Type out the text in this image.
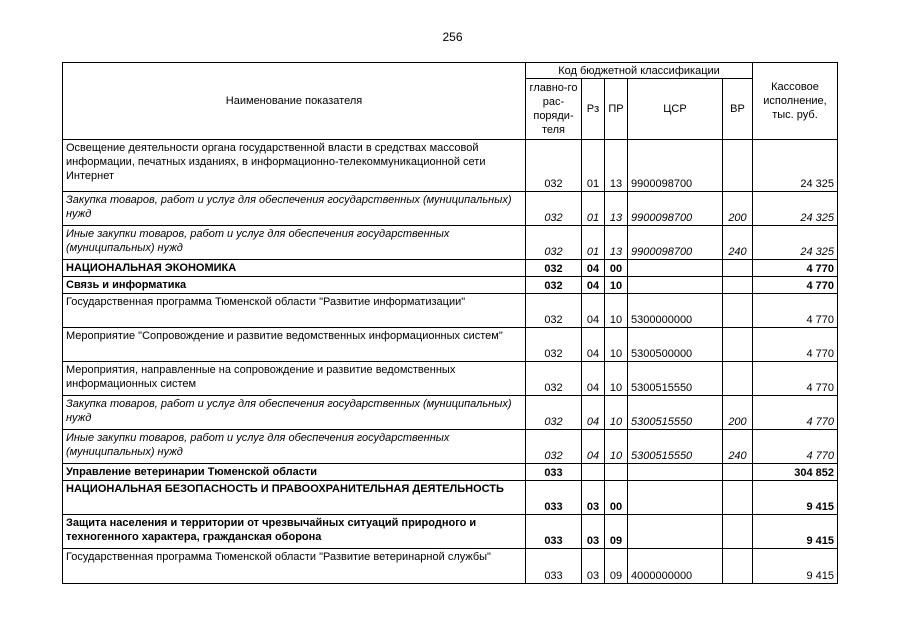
256
Наименование показателя	Код бюджетной классификации					Кассовое исполнение, тыс. руб.
	главно-го рас-поряди-теля	Рз	ПР	ЦСР	ВР	
Освещение деятельности органа государственной власти в средствах массовой информации, печатных изданиях, в информационно-телекоммуникационной сети Интернет	032	01	13	9900098700		24 325
Закупка товаров, работ и услуг для обеспечения государственных (муниципальных) нужд	032	01	13	9900098700	200	24 325
Иные закупки товаров, работ и услуг для обеспечения государственных (муниципальных) нужд	032	01	13	9900098700	240	24 325
НАЦИОНАЛЬНАЯ ЭКОНОМИКА	032	04	00			4 770
Связь и информатика	032	04	10			4 770
Государственная программа Тюменской области "Развитие информатизации"	032	04	10	5300000000		4 770
Мероприятие "Сопровождение и развитие ведомственных информационных систем"	032	04	10	5300500000		4 770
Мероприятия, направленные на сопровождение и развитие ведомственных информационных систем	032	04	10	5300515550		4 770
Закупка товаров, работ и услуг для обеспечения государственных (муниципальных) нужд	032	04	10	5300515550	200	4 770
Иные закупки товаров, работ и услуг для обеспечения государственных (муниципальных) нужд	032	04	10	5300515550	240	4 770
Управление ветеринарии Тюменской области	033					304 852
НАЦИОНАЛЬНАЯ БЕЗОПАСНОСТЬ И ПРАВООХРАНИТЕЛЬНАЯ ДЕЯТЕЛЬНОСТЬ	033	03	00			9 415
Защита населения и территории от чрезвычайных ситуаций природного и техногенного характера, гражданская оборона	033	03	09			9 415
Государственная программа Тюменской области "Развитие ветеринарной службы"	033	03	09	4000000000		9 415
